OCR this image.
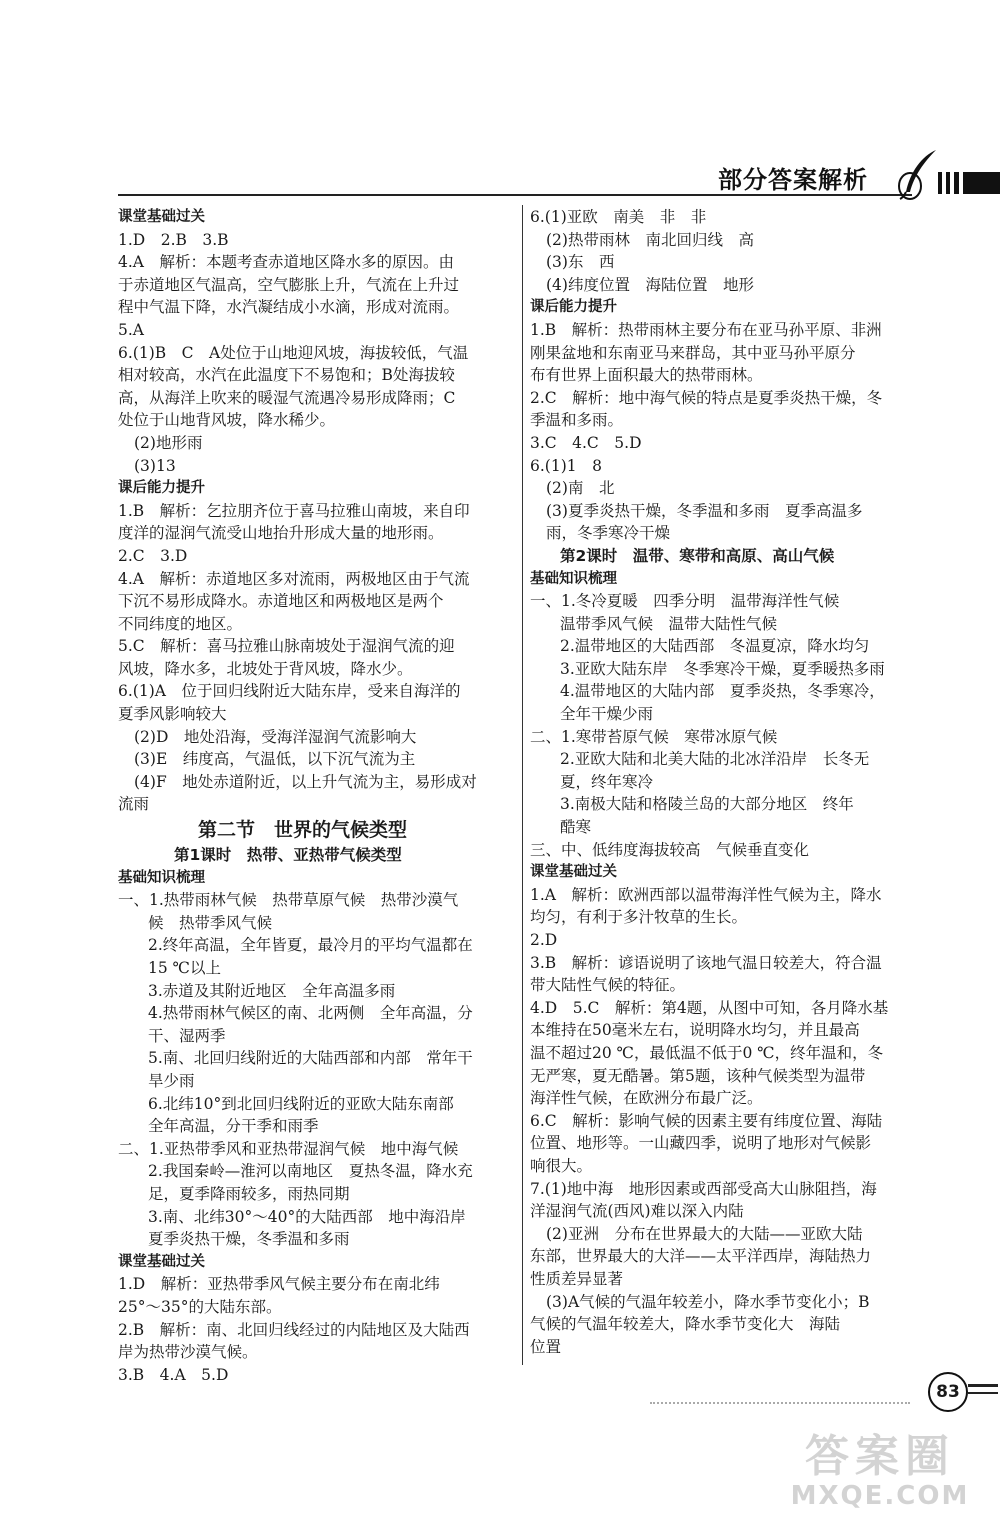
部分答案解析
课堂基础过关
1.D　2.B　3.B
4.A　解析：本题考查赤道地区降水多的原因。由
于赤道地区气温高，空气膨胀上升，气流在上升过
程中气温下降，水汽凝结成小水滴，形成对流雨。
5.A
6.(1)B　C　A处位于山地迎风坡，海拔较低，气温
相对较高，水汽在此温度下不易饱和；B处海拔较
高，从海洋上吹来的暖湿气流遇冷易形成降雨；C
处位于山地背风坡，降水稀少。
(2)地形雨
(3)13
课后能力提升
1.B　解析：乞拉朋齐位于喜马拉雅山南坡，来自印
度洋的湿润气流受山地抬升形成大量的地形雨。
2.C　3.D
4.A　解析：赤道地区多对流雨，两极地区由于气流
下沉不易形成降水。赤道地区和两极地区是两个
不同纬度的地区。
5.C　解析：喜马拉雅山脉南坡处于湿润气流的迎
风坡，降水多，北坡处于背风坡，降水少。
6.(1)A　位于回归线附近大陆东岸，受来自海洋的
夏季风影响较大
(2)D　地处沿海，受海洋湿润气流影响大
(3)E　纬度高，气温低，以下沉气流为主
(4)F　地处赤道附近，以上升气流为主，易形成对
流雨
第二节　世界的气候类型
第1课时　热带、亚热带气候类型
基础知识梳理
一、1.热带雨林气候　热带草原气候　热带沙漠气
候　热带季风气候
2.终年高温，全年皆夏，最冷月的平均气温都在
15 ℃以上
3.赤道及其附近地区　全年高温多雨
4.热带雨林气候区的南、北两侧　全年高温，分
干、湿两季
5.南、北回归线附近的大陆西部和内部　常年干
旱少雨
6.北纬10°到北回归线附近的亚欧大陆东南部
全年高温，分干季和雨季
二、1.亚热带季风和亚热带湿润气候　地中海气候
2.我国秦岭—淮河以南地区　夏热冬温，降水充
足，夏季降雨较多，雨热同期
3.南、北纬30°～40°的大陆西部　地中海沿岸
夏季炎热干燥，冬季温和多雨
课堂基础过关
1.D　解析：亚热带季风气候主要分布在南北纬
25°～35°的大陆东部。
2.B　解析：南、北回归线经过的内陆地区及大陆西
岸为热带沙漠气候。
3.B　4.A　5.D
6.(1)亚欧　南美　非　非
(2)热带雨林　南北回归线　高
(3)东　西
(4)纬度位置　海陆位置　地形
课后能力提升
1.B　解析：热带雨林主要分布在亚马孙平原、非洲
刚果盆地和东南亚马来群岛，其中亚马孙平原分
布有世界上面积最大的热带雨林。
2.C　解析：地中海气候的特点是夏季炎热干燥，冬
季温和多雨。
3.C　4.C　5.D
6.(1)1　8
(2)南　北
(3)夏季炎热干燥，冬季温和多雨　夏季高温多
雨，冬季寒冷干燥
第2课时　温带、寒带和高原、高山气候
基础知识梳理
一、1.冬冷夏暖　四季分明　温带海洋性气候
温带季风气候　温带大陆性气候
2.温带地区的大陆西部　冬温夏凉，降水均匀
3.亚欧大陆东岸　冬季寒冷干燥，夏季暖热多雨
4.温带地区的大陆内部　夏季炎热，冬季寒冷，
全年干燥少雨
二、1.寒带苔原气候　寒带冰原气候
2.亚欧大陆和北美大陆的北冰洋沿岸　长冬无
夏，终年寒冷
3.南极大陆和格陵兰岛的大部分地区　终年
酷寒
三、中、低纬度海拔较高　气候垂直变化
课堂基础过关
1.A　解析：欧洲西部以温带海洋性气候为主，降水
均匀，有利于多汁牧草的生长。
2.D
3.B　解析：谚语说明了该地气温日较差大，符合温
带大陆性气候的特征。
4.D　5.C　解析：第4题，从图中可知，各月降水基
本维持在50毫米左右，说明降水均匀，并且最高
温不超过20 ℃，最低温不低于0 ℃，终年温和，冬
无严寒，夏无酷暑。第5题，该种气候类型为温带
海洋性气候，在欧洲分布最广泛。
6.C　解析：影响气候的因素主要有纬度位置、海陆
位置、地形等。一山藏四季，说明了地形对气候影
响很大。
7.(1)地中海　地形因素或西部受高大山脉阻挡，海
洋湿润气流(西风)难以深入内陆
(2)亚洲　分布在世界最大的大陆——亚欧大陆
东部，世界最大的大洋——太平洋西岸，海陆热力
性质差异显著
(3)A气候的气温年较差小，降水季节变化小；B
气候的气温年较差大，降水季节变化大　海陆
位置
83
答案圈
MXQE.COM
